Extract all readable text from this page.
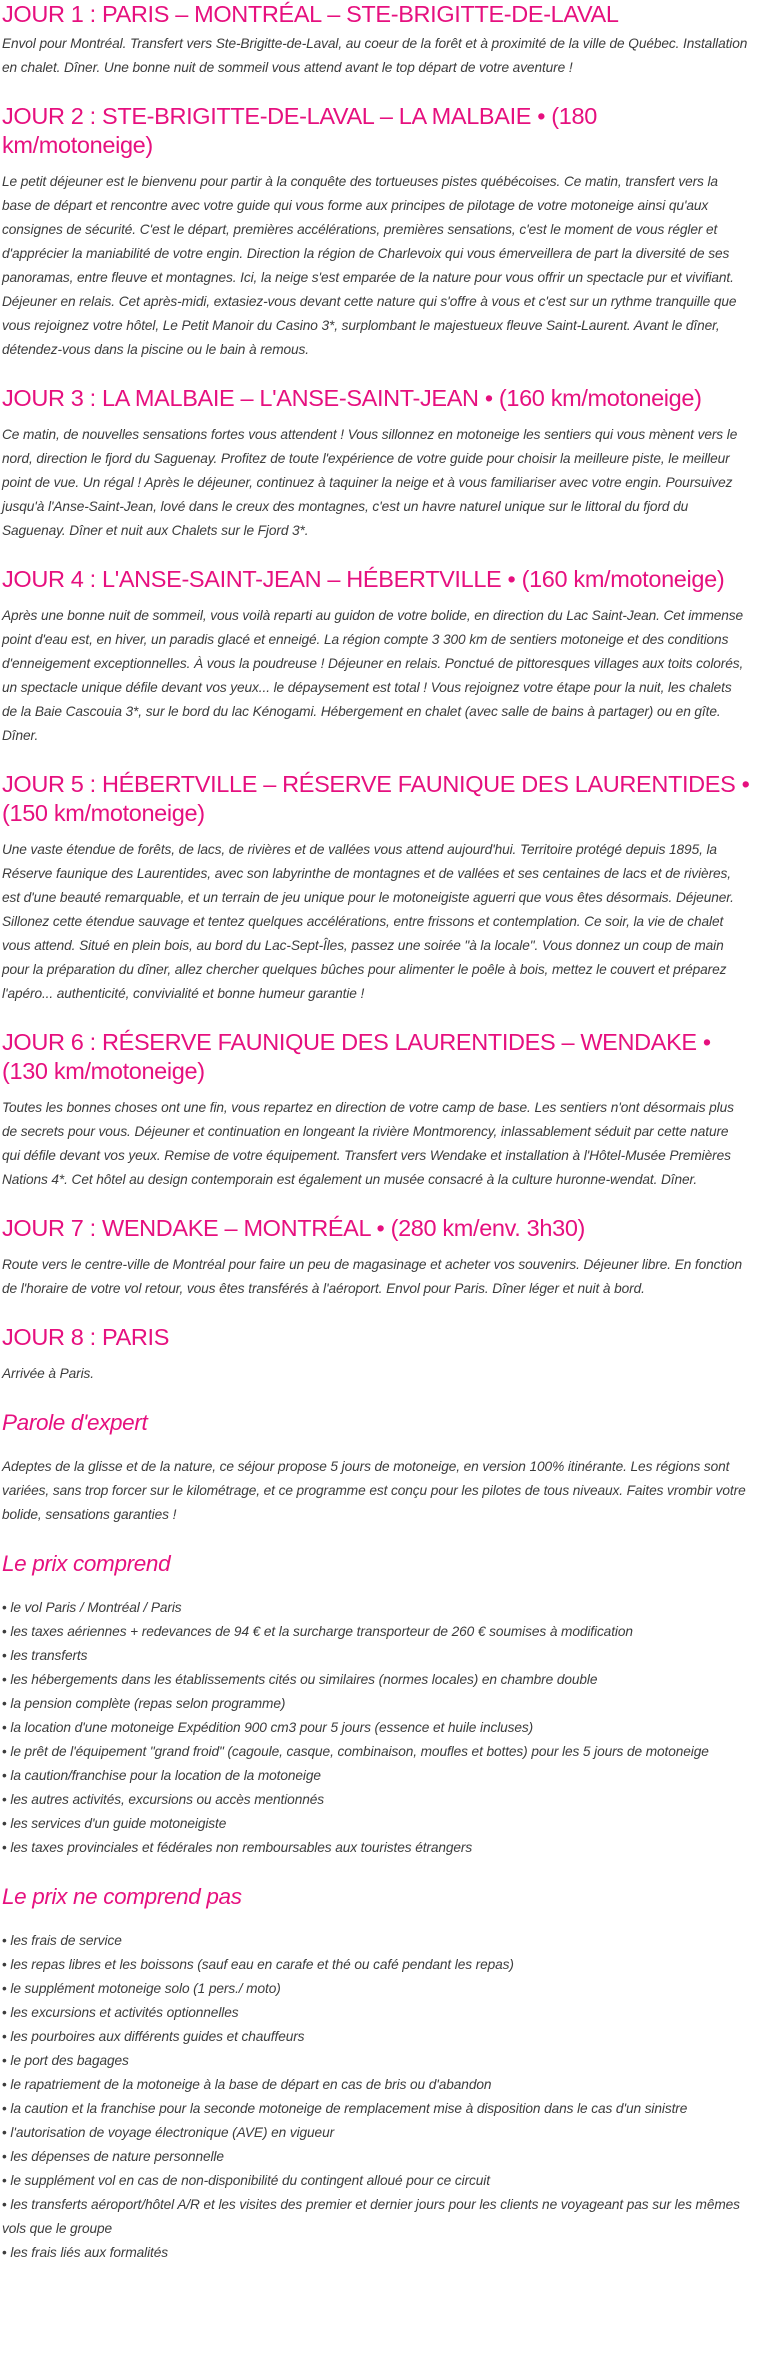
JOUR 1 : PARIS – MONTRÉAL – STE-BRIGITTE-DE-LAVAL

Envol pour Montréal. Transfert vers Ste-Brigitte-de-Laval, au coeur de la forêt et à proximité de la ville de Québec. Installation en chalet. Dîner. Une bonne nuit de sommeil vous attend avant le top départ de votre aventure !

JOUR 2 : STE-BRIGITTE-DE-LAVAL – LA MALBAIE • (180 km/motoneige)

Le petit déjeuner est le bienvenu pour partir à la conquête des tortueuses pistes québécoises. Ce matin, transfert vers la base de départ et rencontre avec votre guide qui vous forme aux principes de pilotage de votre motoneige ainsi qu'aux consignes de sécurité. C'est le départ, premières accélérations, premières sensations, c'est le moment de vous régler et d'apprécier la maniabilité de votre engin. Direction la région de Charlevoix qui vous émerveillera de part la diversité de ses panoramas, entre fleuve et montagnes. Ici, la neige s'est emparée de la nature pour vous offrir un spectacle pur et vivifiant. Déjeuner en relais. Cet après-midi, extasiez-vous devant cette nature qui s'offre à vous et c'est sur un rythme tranquille que vous rejoignez votre hôtel, Le Petit Manoir du Casino 3*, surplombant le majestueux fleuve Saint-Laurent. Avant le dîner, détendez-vous dans la piscine ou le bain à remous.

JOUR 3 : LA MALBAIE – L'ANSE-SAINT-JEAN • (160 km/motoneige)

Ce matin, de nouvelles sensations fortes vous attendent ! Vous sillonnez en motoneige les sentiers qui vous mènent vers le nord, direction le fjord du Saguenay. Profitez de toute l'expérience de votre guide pour choisir la meilleure piste, le meilleur point de vue. Un régal ! Après le déjeuner, continuez à taquiner la neige et à vous familiariser avec votre engin. Poursuivez jusqu'à l'Anse-Saint-Jean, lové dans le creux des montagnes, c'est un havre naturel unique sur le littoral du fjord du Saguenay. Dîner et nuit aux Chalets sur le Fjord 3*.

JOUR 4 : L'ANSE-SAINT-JEAN – HÉBERTVILLE • (160 km/motoneige)

Après une bonne nuit de sommeil, vous voilà reparti au guidon de votre bolide, en direction du Lac Saint-Jean. Cet immense point d'eau est, en hiver, un paradis glacé et enneigé. La région compte 3 300 km de sentiers motoneige et des conditions d'enneigement exceptionnelles. À vous la poudreuse ! Déjeuner en relais. Ponctué de pittoresques villages aux toits colorés, un spectacle unique défile devant vos yeux... le dépaysement est total ! Vous rejoignez votre étape pour la nuit, les chalets de la Baie Cascouia 3*, sur le bord du lac Kénogami. Hébergement en chalet (avec salle de bains à partager) ou en gîte. Dîner.

JOUR 5 : HÉBERTVILLE – RÉSERVE FAUNIQUE DES LAURENTIDES • (150 km/motoneige)

Une vaste étendue de forêts, de lacs, de rivières et de vallées vous attend aujourd'hui. Territoire protégé depuis 1895, la Réserve faunique des Laurentides, avec son labyrinthe de montagnes et de vallées et ses centaines de lacs et de rivières, est d'une beauté remarquable, et un terrain de jeu unique pour le motoneigiste aguerri que vous êtes désormais. Déjeuner. Sillonez cette étendue sauvage et tentez quelques accélérations, entre frissons et contemplation. Ce soir, la vie de chalet vous attend. Situé en plein bois, au bord du Lac-Sept-Îles, passez une soirée "à la locale". Vous donnez un coup de main pour la préparation du dîner, allez chercher quelques bûches pour alimenter le poêle à bois, mettez le couvert et préparez l'apéro... authenticité, convivialité et bonne humeur garantie !

JOUR 6 : RÉSERVE FAUNIQUE DES LAURENTIDES – WENDAKE • (130 km/motoneige)

Toutes les bonnes choses ont une fin, vous repartez en direction de votre camp de base. Les sentiers n'ont désormais plus de secrets pour vous. Déjeuner et continuation en longeant la rivière Montmorency, inlassablement séduit par cette nature qui défile devant vos yeux. Remise de votre équipement. Transfert vers Wendake et installation à l'Hôtel-Musée Premières Nations 4*. Cet hôtel au design contemporain est également un musée consacré à la culture huronne-wendat. Dîner.

JOUR 7 : WENDAKE – MONTRÉAL • (280 km/env. 3h30)

Route vers le centre-ville de Montréal pour faire un peu de magasinage et acheter vos souvenirs. Déjeuner libre. En fonction de l'horaire de votre vol retour, vous êtes transférés à l'aéroport. Envol pour Paris. Dîner léger et nuit à bord.

JOUR 8 : PARIS

Arrivée à Paris.

Parole d'expert

Adeptes de la glisse et de la nature, ce séjour propose 5 jours de motoneige, en version 100% itinérante. Les régions sont variées, sans trop forcer sur le kilométrage, et ce programme est conçu pour les pilotes de tous niveaux. Faites vrombir votre bolide, sensations garanties !

Le prix comprend
• le vol Paris / Montréal / Paris
• les taxes aériennes + redevances de 94 € et la surcharge transporteur de 260 € soumises à modification
• les transferts
• les hébergements dans les établissements cités ou similaires (normes locales) en chambre double
• la pension complète (repas selon programme)
• la location d'une motoneige Expédition 900 cm3 pour 5 jours (essence et huile incluses)
• le prêt de l'équipement "grand froid" (cagoule, casque, combinaison, moufles et bottes) pour les 5 jours de motoneige
• la caution/franchise pour la location de la motoneige
• les autres activités, excursions ou accès mentionnés
• les services d'un guide motoneigiste
• les taxes provinciales et fédérales non remboursables aux touristes étrangers
Le prix ne comprend pas
• les frais de service
• les repas libres et les boissons (sauf eau en carafe et thé ou café pendant les repas)
• le supplément motoneige solo (1 pers./ moto)
• les excursions et activités optionnelles
• les pourboires aux différents guides et chauffeurs
• le port des bagages
• le rapatriement de la motoneige à la base de départ en cas de bris ou d'abandon
• la caution et la franchise pour la seconde motoneige de remplacement mise à disposition dans le cas d'un sinistre
• l'autorisation de voyage électronique (AVE) en vigueur
• les dépenses de nature personnelle
• le supplément vol en cas de non-disponibilité du contingent alloué pour ce circuit
• les transferts aéroport/hôtel A/R et les visites des premier et dernier jours pour les clients ne voyageant pas sur les mêmes vols que le groupe
• les frais liés aux formalités
